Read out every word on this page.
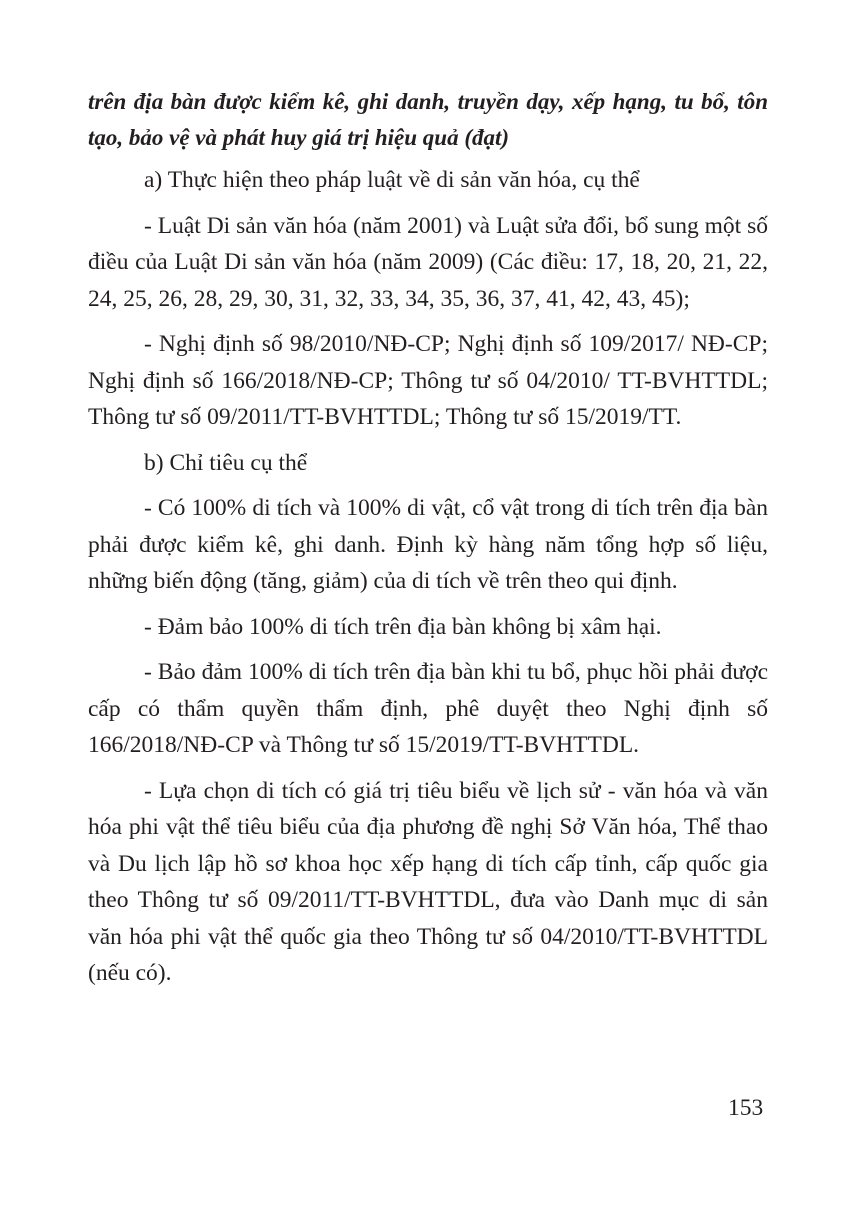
trên địa bàn được kiểm kê, ghi danh, truyền dạy, xếp hạng, tu bổ, tôn tạo, bảo vệ và phát huy giá trị hiệu quả (đạt)

a) Thực hiện theo pháp luật về di sản văn hóa, cụ thể

- Luật Di sản văn hóa (năm 2001) và Luật sửa đổi, bổ sung một số điều của Luật Di sản văn hóa (năm 2009) (Các điều: 17, 18, 20, 21, 22, 24, 25, 26, 28, 29, 30, 31, 32, 33, 34, 35, 36, 37, 41, 42, 43, 45);

- Nghị định số 98/2010/NĐ-CP; Nghị định số 109/2017/ NĐ-CP; Nghị định số 166/2018/NĐ-CP; Thông tư số 04/2010/ TT-BVHTTDL; Thông tư số 09/2011/TT-BVHTTDL; Thông tư số 15/2019/TT.

b) Chỉ tiêu cụ thể

- Có 100% di tích và 100% di vật, cổ vật trong di tích trên địa bàn phải được kiểm kê, ghi danh. Định kỳ hàng năm tổng hợp số liệu, những biến động (tăng, giảm) của di tích về trên theo qui định.

- Đảm bảo 100% di tích trên địa bàn không bị xâm hại.

- Bảo đảm 100% di tích trên địa bàn khi tu bổ, phục hồi phải được cấp có thẩm quyền thẩm định, phê duyệt theo Nghị định số 166/2018/NĐ-CP và Thông tư số 15/2019/TT-BVHTTDL.

- Lựa chọn di tích có giá trị tiêu biểu về lịch sử - văn hóa và văn hóa phi vật thể tiêu biểu của địa phương đề nghị Sở Văn hóa, Thể thao và Du lịch lập hồ sơ khoa học xếp hạng di tích cấp tỉnh, cấp quốc gia theo Thông tư số 09/2011/TT-BVHTTDL, đưa vào Danh mục di sản văn hóa phi vật thể quốc gia theo Thông tư số 04/2010/TT-BVHTTDL (nếu có).

153
